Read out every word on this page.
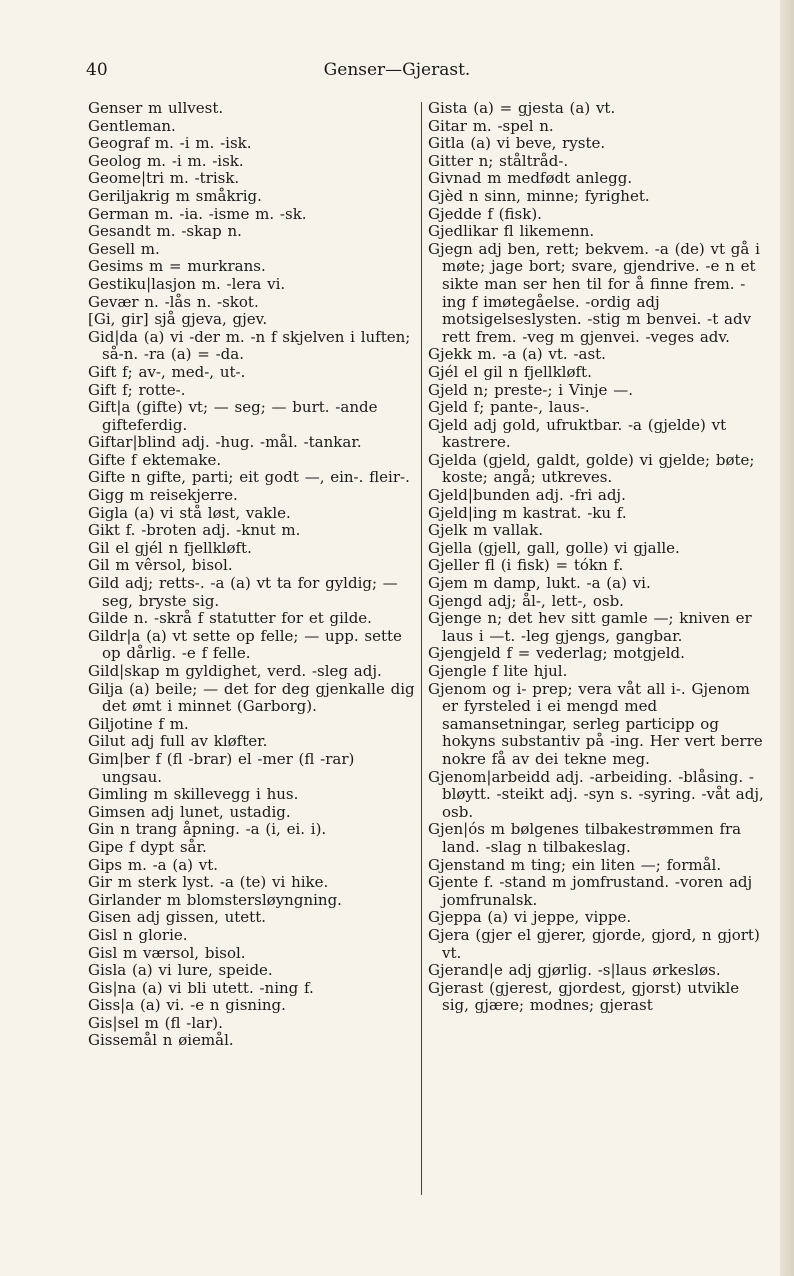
40	Genser—Gjerast.

Genser m ullvest.

Gentleman.

Geograf m. -i m. -isk.

Geolog m. -i m. -isk.

Geome|tri m. -trisk.

Geriljakrig m småkrig.

German m. -ia. -isme m. -sk.

Gesandt m. -skap n.

Gesell m.

Gesims m = murkrans.

Gestiku|lasjon m. -lera vi.

Gevær n. -lås n. -skot.

[Gi, gir] sjå gjeva, gjev.

Gid|da (a) vi -der m. -n f skjelven i luften; så-n. -ra (a) = -da.

Gift f; av-, med-, ut-.

Gift f; rotte-.

Gift|a (gifte) vt; — seg; — burt. -ande gifteferdig.

Giftar|blind adj. -hug. -mål. -tankar.

Gifte f ektemake.

Gifte n gifte, parti; eit godt —, ein-. fleir-.

Gigg m reisekjerre.

Gigla (a) vi stå løst, vakle.

Gikt f. -broten adj. -knut m.

Gil el gjél n fjellkløft.

Gil m vêrsol, bisol.

Gild adj; retts-. -a (a) vt ta for gyldig; — seg, bryste sig.

Gilde n. -skrå f statutter for et gilde.

Gildr|a (a) vt sette op felle; — upp. sette op dårlig. -e f felle.

Gild|skap m gyldighet, verd. -sleg adj.

Gilja (a) beile; — det for deg gjenkalle dig det ømt i minnet (Garborg).

Giljotine f m.

Gilut adj full av kløfter.

Gim|ber f (fl -brar) el -mer (fl -rar) ungsau.

Gimling m skillevegg i hus.

Gimsen adj lunet, ustadig.

Gin n trang åpning. -a (i, ei. i).

Gipe f dypt sår.

Gips m. -a (a) vt.

Gir m sterk lyst. -a (te) vi hike.

Girlander m blomstersløyngning.

Gisen adj gissen, utett.

Gisl n glorie.

Gisl m værsol, bisol.

Gisla (a) vi lure, speide.

Gis|na (a) vi bli utett. -ning f.

Giss|a (a) vi. -e n gisning.

Gis|sel m (fl -lar).

Gissemål n øiemål.

Gista (a) = gjesta (a) vt.

Gitar m. -spel n.

Gitla (a) vi beve, ryste.

Gitter n; ståltråd-.

Givnad m medfødt anlegg.

Gjèd n sinn, minne; fyrighet.

Gjedde f (fisk).

Gjedlikar fl likemenn.

Gjegn adj ben, rett; bekvem. -a (de) vt gå i møte; jage bort; svare, gjendrive. -e n et sikte man ser hen til for å finne frem. -ing f imøtegåelse. -ordig adj motsigelseslysten. -stig m benvei. -t adv rett frem. -veg m gjenvei. -veges adv.

Gjekk m. -a (a) vt. -ast.

Gjél el gil n fjellkløft.

Gjeld n; preste-; i Vinje —.

Gjeld f; pante-, laus-.

Gjeld adj gold, ufruktbar. -a (gjelde) vt kastrere.

Gjelda (gjeld, galdt, golde) vi gjelde; bøte; koste; angå; utkreves.

Gjeld|bunden adj. -fri adj.

Gjeld|ing m kastrat. -ku f.

Gjelk m vallak.

Gjella (gjell, gall, golle) vi gjalle.

Gjeller fl (i fisk) = tókn f.

Gjem m damp, lukt. -a (a) vi.

Gjengd adj; ål-, lett-, osb.

Gjenge n; det hev sitt gamle —; kniven er laus i —t. -leg gjengs, gangbar.

Gjengjeld f = vederlag; motgjeld.

Gjengle f lite hjul.

Gjenom og i- prep; vera våt all i-. Gjenom er fyrsteled i ei mengd med samansetningar, serleg participp og hokyns substantiv på -ing. Her vert berre nokre få av dei tekne meg.

Gjenom|arbeidd adj. -arbeiding. -blåsing. -bløytt. -steikt adj. -syn s. -syring. -våt adj, osb.

Gjen|ós m bølgenes tilbakestrømmen fra land. -slag n tilbakeslag.

Gjenstand m ting; ein liten —; formål.

Gjente f. -stand m jomfrustand. -voren adj jomfrunalsk.

Gjeppa (a) vi jeppe, vippe.

Gjera (gjer el gjerer, gjorde, gjord, n gjort) vt.

Gjerand|e adj gjørlig. -s|laus ørkesløs.

Gjerast (gjerest, gjordest, gjorst) utvikle sig, gjære; modnes; gjerast
